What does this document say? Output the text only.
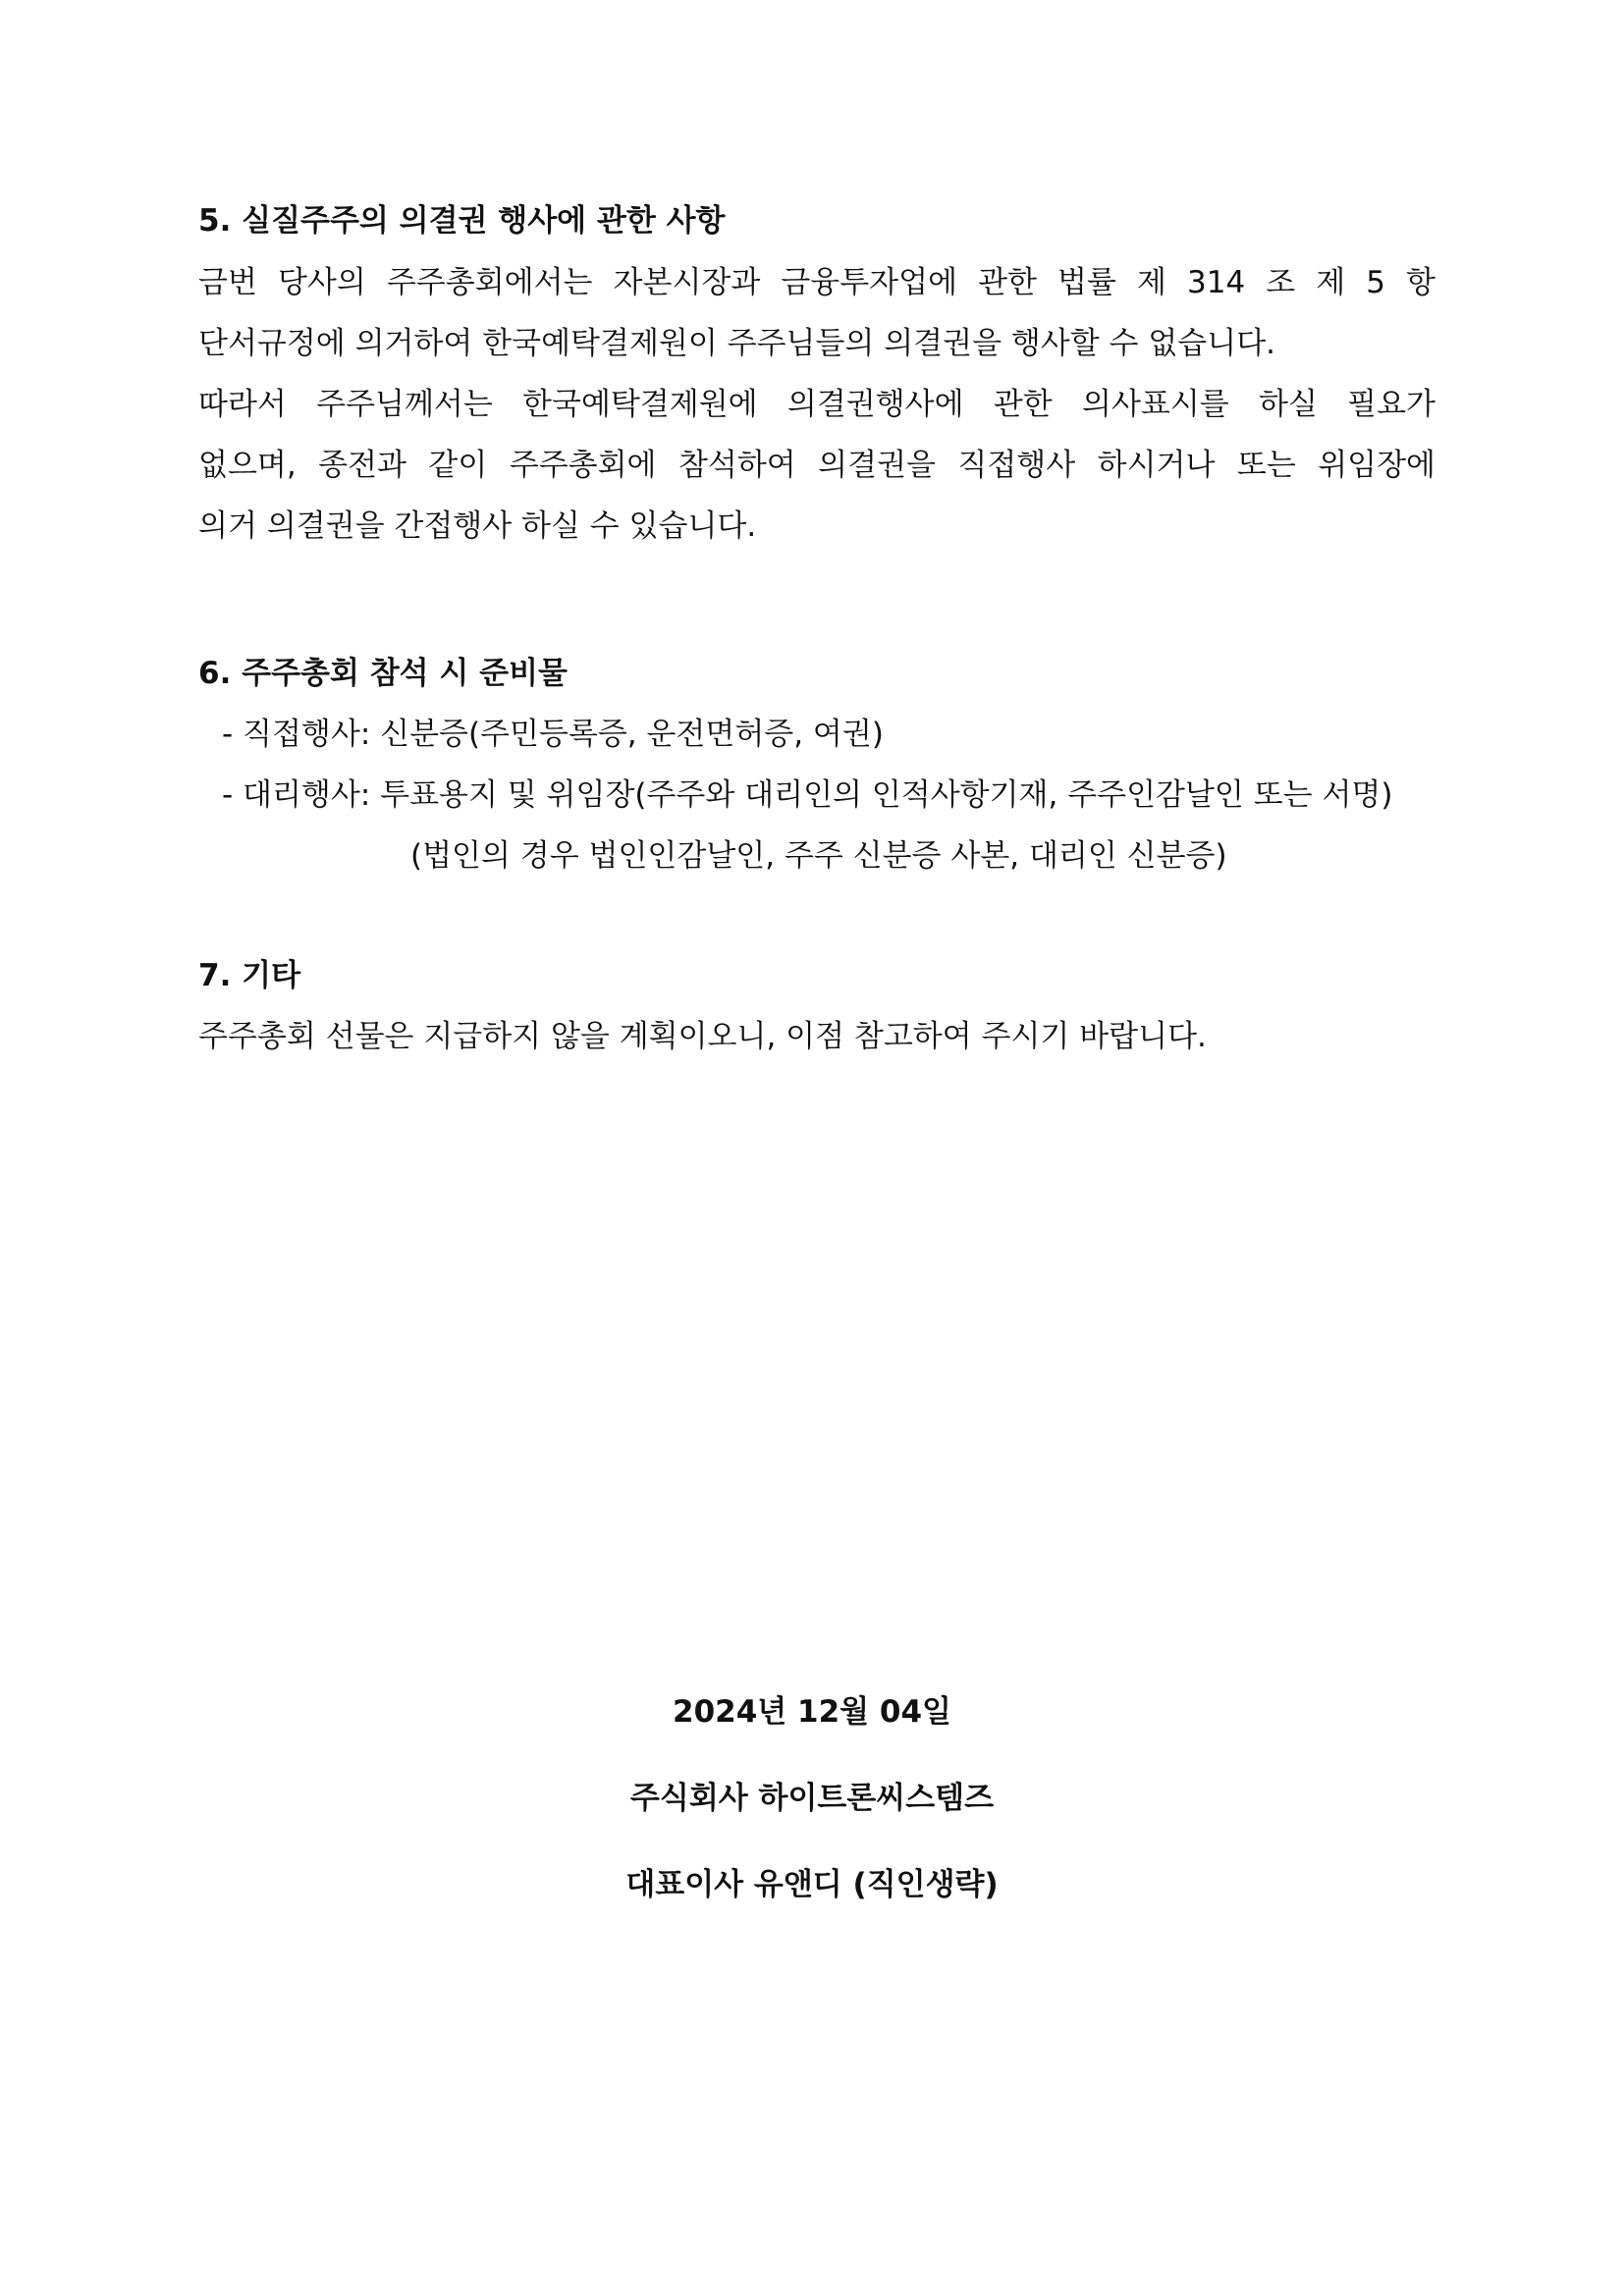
5. 실질주주의 의결권 행사에 관한 사항

금번 당사의 주주총회에서는 자본시장과 금융투자업에 관한 법률 제 314 조 제 5 항

단서규정에 의거하여 한국예탁결제원이 주주님들의 의결권을 행사할 수 없습니다.

따라서 주주님께서는 한국예탁결제원에 의결권행사에 관한 의사표시를 하실 필요가

없으며, 종전과 같이 주주총회에 참석하여 의결권을 직접행사 하시거나 또는 위임장에

의거 의결권을 간접행사 하실 수 있습니다.

6. 주주총회 참석 시 준비물

- 직접행사: 신분증(주민등록증, 운전면허증, 여권)

- 대리행사: 투표용지 및 위임장(주주와 대리인의 인적사항기재, 주주인감날인 또는 서명)

(법인의 경우 법인인감날인, 주주 신분증 사본, 대리인 신분증)

7. 기타

주주총회 선물은 지급하지 않을 계획이오니, 이점 참고하여 주시기 바랍니다.

2024년 12월 04일

주식회사 하이트론씨스템즈

대표이사 유앤디 (직인생략)
